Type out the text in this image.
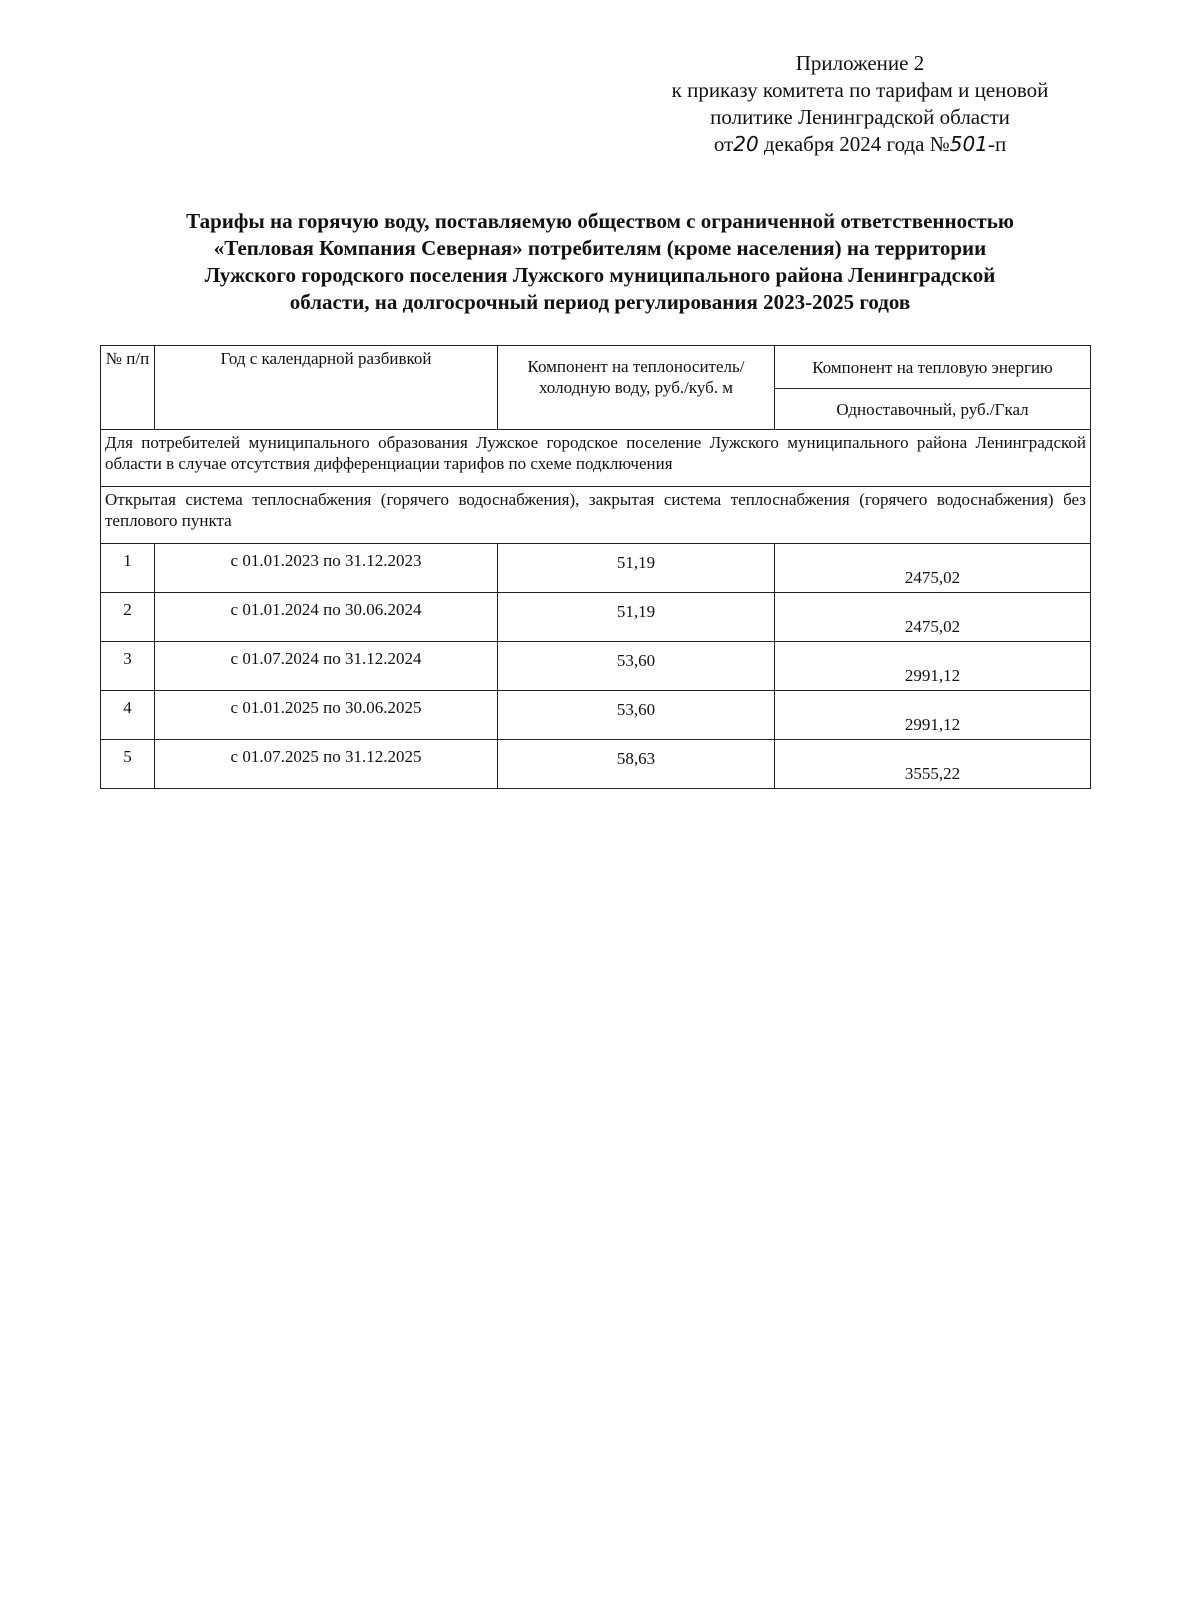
Приложение 2
к приказу комитета по тарифам и ценовой
политике Ленинградской области
от20 декабря 2024 года №501-п
Тарифы на горячую воду, поставляемую обществом с ограниченной ответственностью
«Тепловая Компания Северная» потребителям (кроме населения) на территории
Лужского городского поселения Лужского муниципального района Ленинградской
области, на долгосрочный период регулирования 2023-2025 годов
№ п/п	Год с календарной разбивкой	Компонент на теплоноситель/холодную воду, руб./куб. м	Компонент на тепловую энергию
			Одноставочный, руб./Гкал
Для потребителей муниципального образования Лужское городское поселение Лужского муниципального района Ленинградской области в случае отсутствия дифференциации тарифов по схеме подключения			
Открытая система теплоснабжения (горячего водоснабжения), закрытая система теплоснабжения (горячего водоснабжения) без теплового пункта			
1	с 01.01.2023 по 31.12.2023	51,19	2475,02
2	с 01.01.2024 по 30.06.2024	51,19	2475,02
3	с 01.07.2024 по 31.12.2024	53,60	2991,12
4	с 01.01.2025 по 30.06.2025	53,60	2991,12
5	с 01.07.2025 по 31.12.2025	58,63	3555,22
